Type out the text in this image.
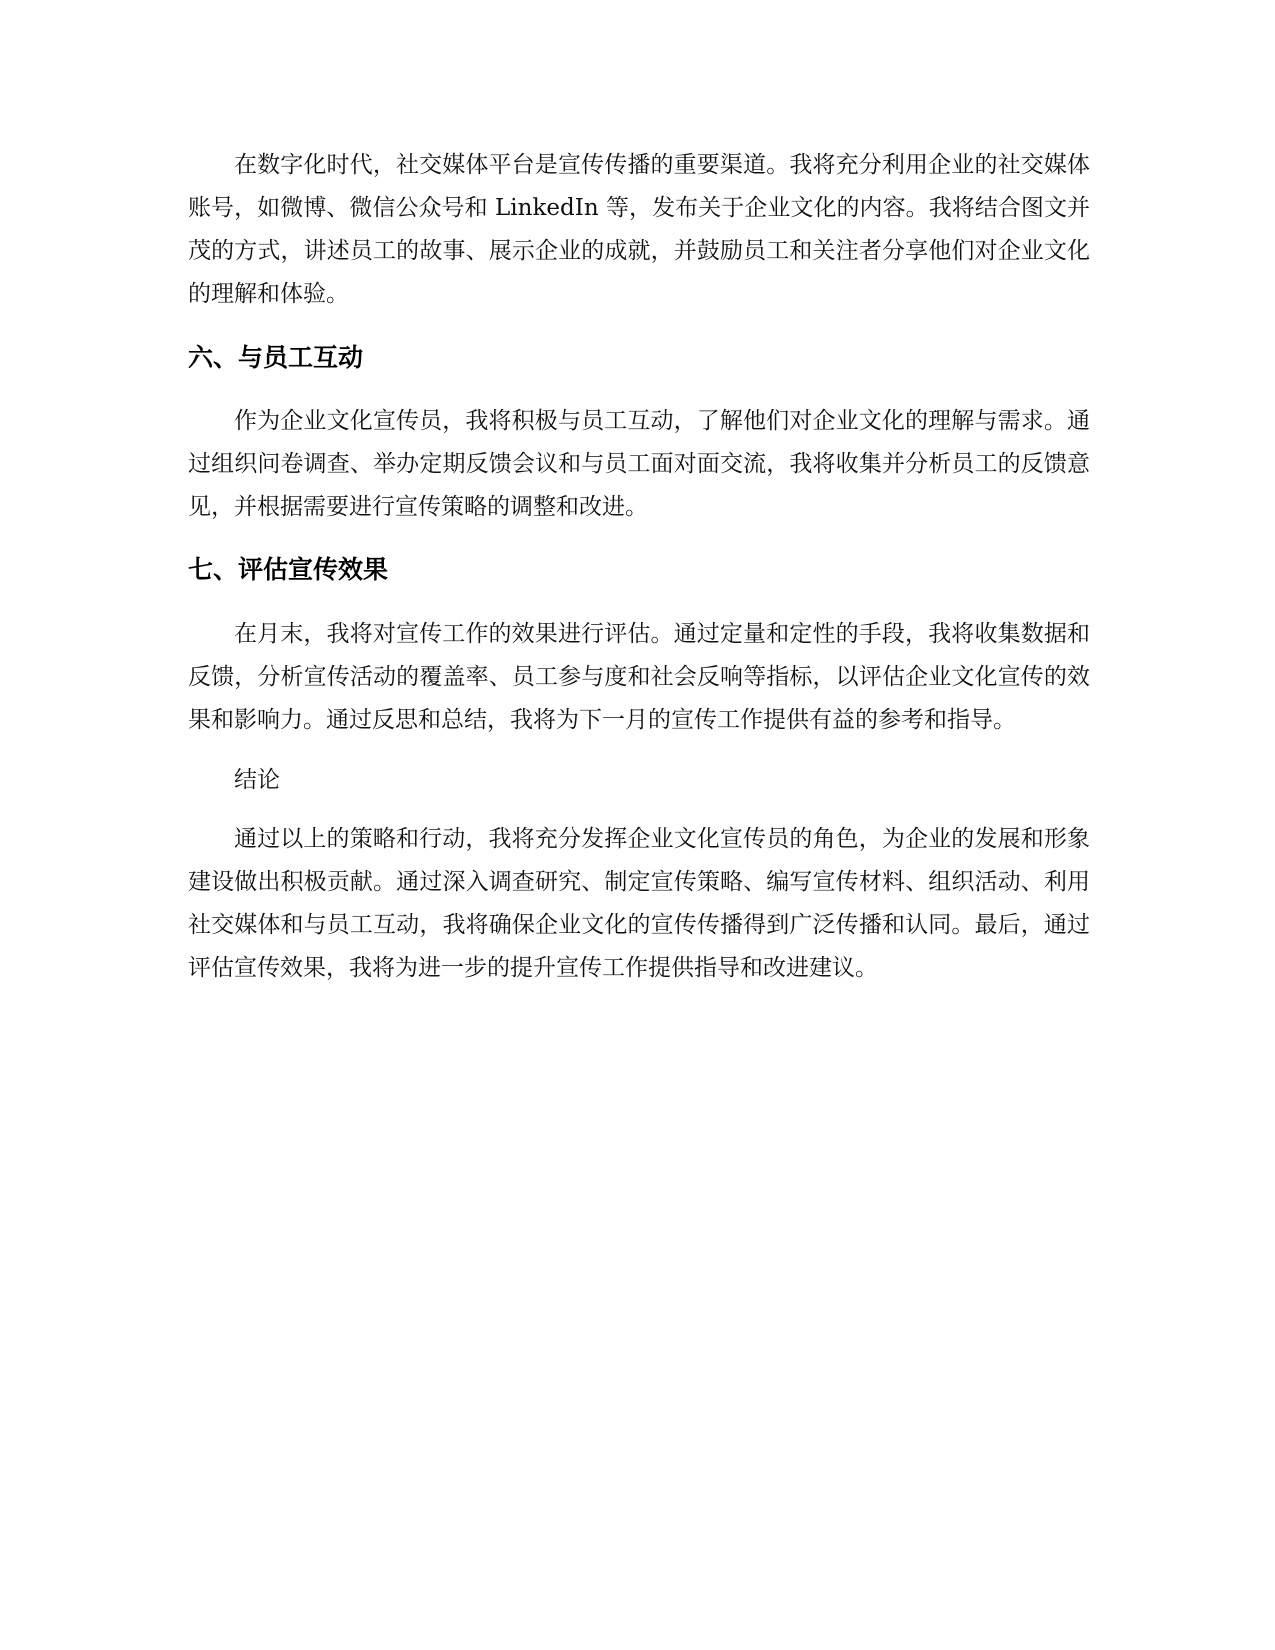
在数字化时代，社交媒体平台是宣传传播的重要渠道。我将充分利用企业的社交媒体账号，如微博、微信公众号和 LinkedIn 等，发布关于企业文化的内容。我将结合图文并茂的方式，讲述员工的故事、展示企业的成就，并鼓励员工和关注者分享他们对企业文化的理解和体验。

六、与员工互动

作为企业文化宣传员，我将积极与员工互动，了解他们对企业文化的理解与需求。通过组织问卷调查、举办定期反馈会议和与员工面对面交流，我将收集并分析员工的反馈意见，并根据需要进行宣传策略的调整和改进。

七、评估宣传效果

在月末，我将对宣传工作的效果进行评估。通过定量和定性的手段，我将收集数据和反馈，分析宣传活动的覆盖率、员工参与度和社会反响等指标，以评估企业文化宣传的效果和影响力。通过反思和总结，我将为下一月的宣传工作提供有益的参考和指导。

结论

通过以上的策略和行动，我将充分发挥企业文化宣传员的角色，为企业的发展和形象建设做出积极贡献。通过深入调查研究、制定宣传策略、编写宣传材料、组织活动、利用社交媒体和与员工互动，我将确保企业文化的宣传传播得到广泛传播和认同。最后，通过评估宣传效果，我将为进一步的提升宣传工作提供指导和改进建议。
